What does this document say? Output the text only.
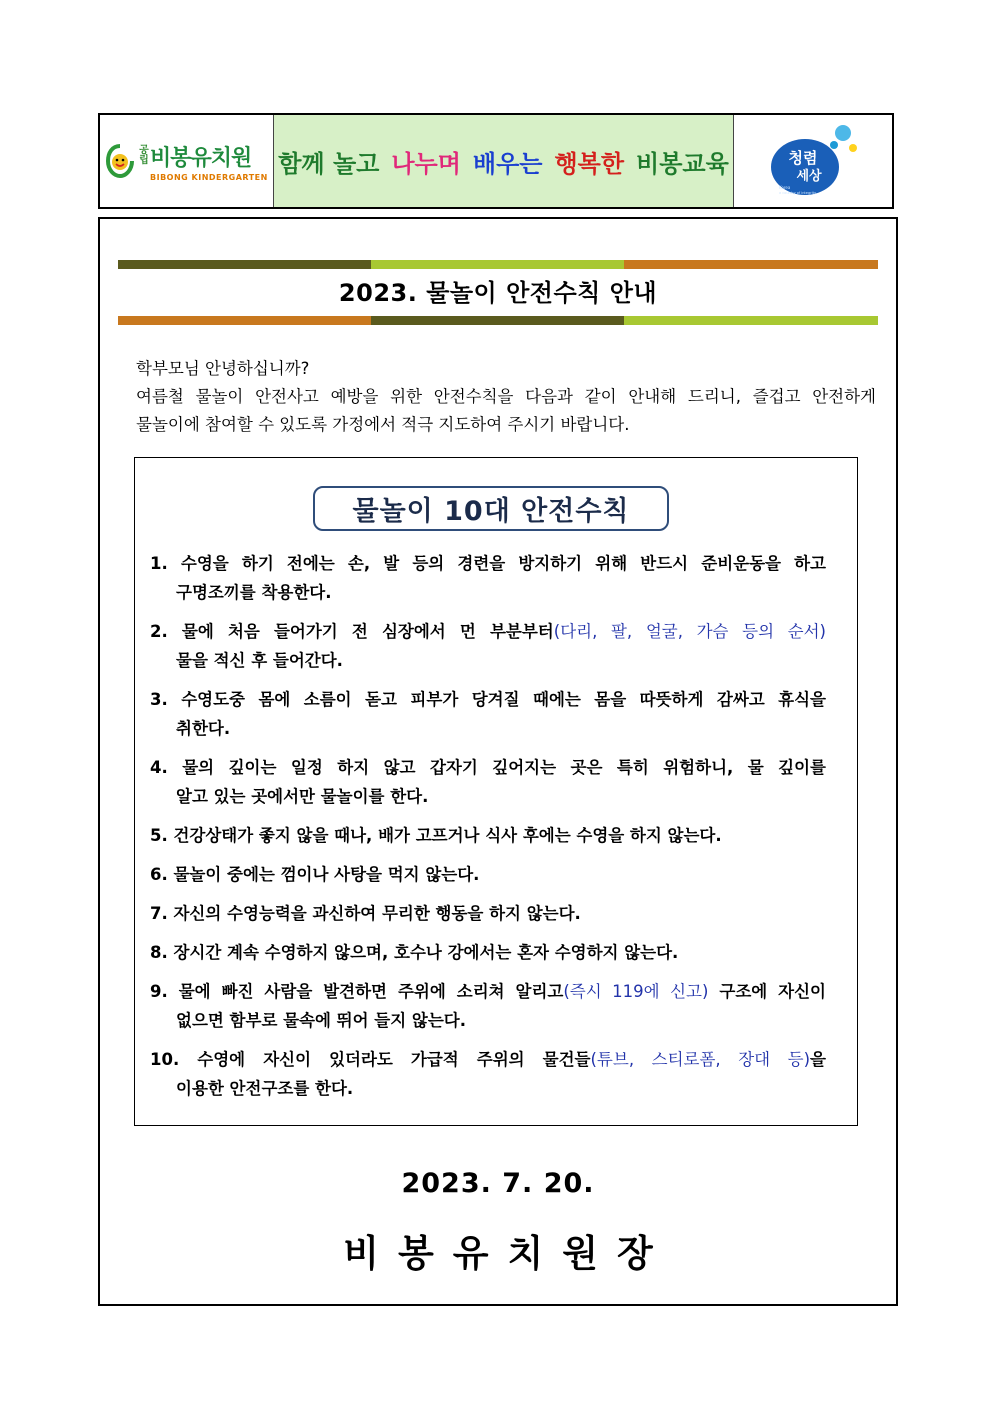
공
립 비봉유치원
BIBONG KINDERGARTEN 함께 놀고 나누며 배우는 행복한 비봉교육	청렴
세상
Korea
a country of integrity
2023. 물놀이 안전수칙 안내

학부모님 안녕하십니까?

여름철 물놀이 안전사고 예방을 위한 안전수칙을 다음과 같이 안내해 드리니, 즐겁고 안전하게

물놀이에 참여할 수 있도록 가정에서 적극 지도하여 주시기 바랍니다.

물놀이 10대 안전수칙
1. 수영을 하기 전에는 손, 발 등의 경련을 방지하기 위해 반드시 준비운동을 하고
구명조끼를 착용한다.
2. 물에 처음 들어가기 전 심장에서 먼 부분부터(다리, 팔, 얼굴, 가슴 등의 순서)
물을 적신 후 들어간다.
3. 수영도중 몸에 소름이 돋고 피부가 당겨질 때에는 몸을 따뜻하게 감싸고 휴식을
취한다.
4. 물의 깊이는 일정 하지 않고 갑자기 깊어지는 곳은 특히 위험하니, 물 깊이를
알고 있는 곳에서만 물놀이를 한다.
5. 건강상태가 좋지 않을 때나, 배가 고프거나 식사 후에는 수영을 하지 않는다.
6. 물놀이 중에는 껌이나 사탕을 먹지 않는다.
7. 자신의 수영능력을 과신하여 무리한 행동을 하지 않는다.
8. 장시간 계속 수영하지 않으며, 호수나 강에서는 혼자 수영하지 않는다.
9. 물에 빠진 사람을 발견하면 주위에 소리쳐 알리고(즉시 119에 신고) 구조에 자신이
없으면 함부로 물속에 뛰어 들지 않는다.
10. 수영에 자신이 있더라도 가급적 주위의 물건들(튜브, 스티로폼, 장대 등)을
이용한 안전구조를 한다.
2023. 7. 20.
비봉유치원장
